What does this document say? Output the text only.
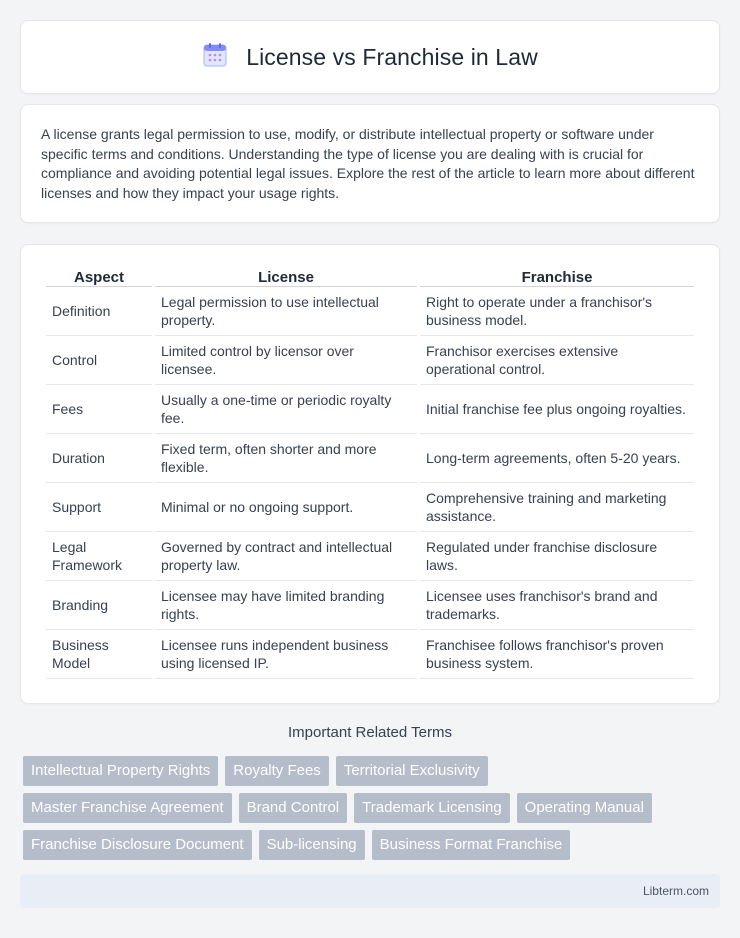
License vs Franchise in Law

A license grants legal permission to use, modify, or distribute intellectual property or software under specific terms and conditions. Understanding the type of license you are dealing with is crucial for compliance and avoiding potential legal issues. Explore the rest of the article to learn more about different licenses and how they impact your usage rights.

Aspect	License	Franchise
Definition	Legal permission to use intellectual property.	Right to operate under a franchisor's business model.
Control	Limited control by licensor over licensee.	Franchisor exercises extensive operational control.
Fees	Usually a one-time or periodic royalty fee.	Initial franchise fee plus ongoing royalties.
Duration	Fixed term, often shorter and more flexible.	Long-term agreements, often 5-20 years.
Support	Minimal or no ongoing support.	Comprehensive training and marketing assistance.
Legal Framework	Governed by contract and intellectual property law.	Regulated under franchise disclosure laws.
Branding	Licensee may have limited branding rights.	Licensee uses franchisor's brand and trademarks.
Business Model	Licensee runs independent business using licensed IP.	Franchisee follows franchisor's proven business system.
Important Related Terms
Intellectual Property Rights	Royalty Fees	Territorial Exclusivity
Master Franchise Agreement	Brand Control	Trademark Licensing	Operating Manual
Franchise Disclosure Document	Sub-licensing	Business Format Franchise
Libterm.com
